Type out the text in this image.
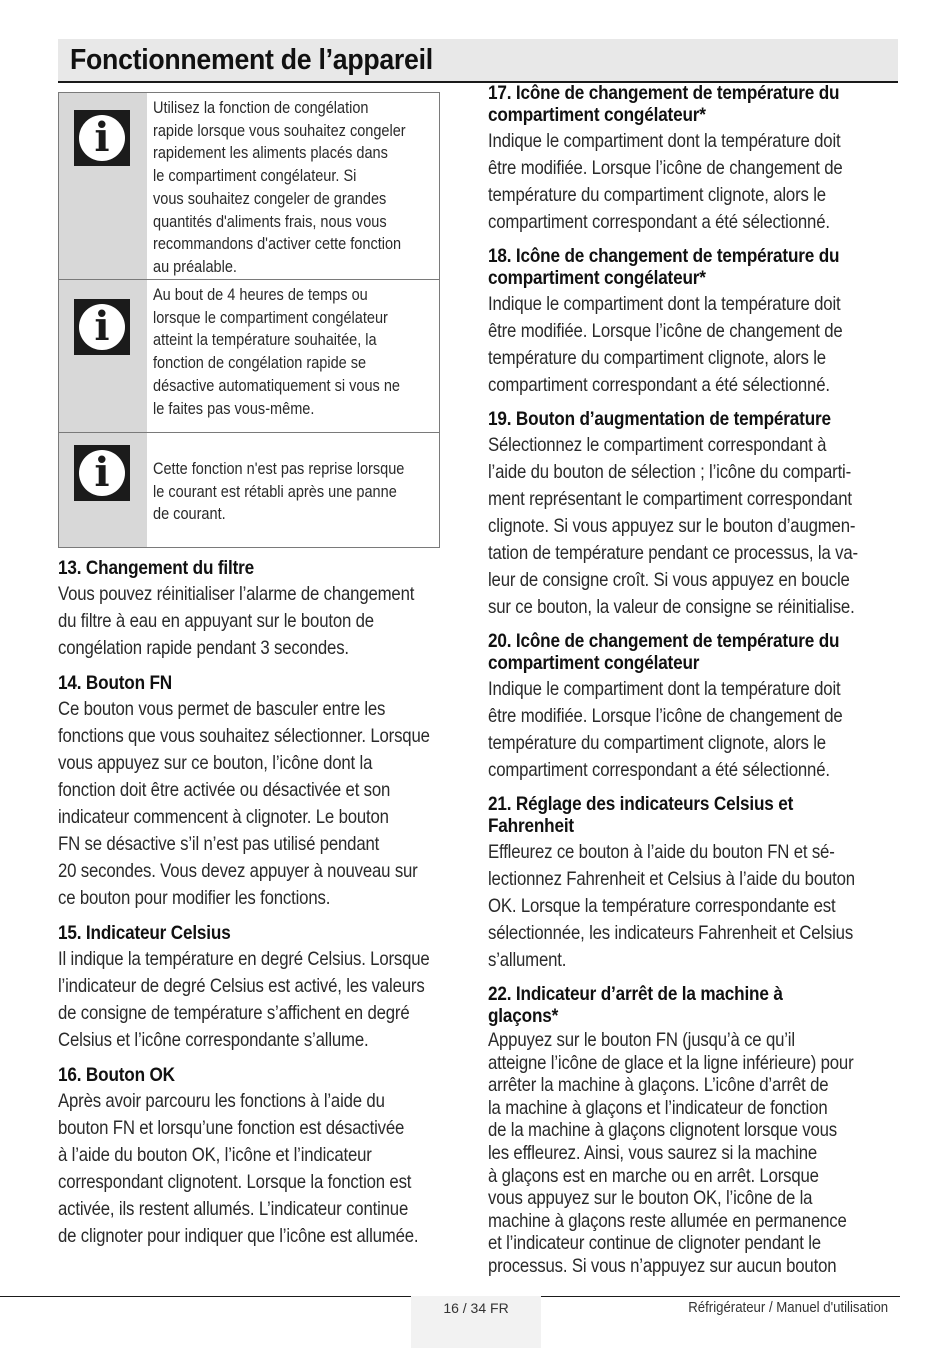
Fonctionnement de l’appareil
i
Utilisez la fonction de congélation
rapide lorsque vous souhaitez congeler
rapidement les aliments placés dans
le compartiment congélateur. Si
vous souhaitez congeler de grandes
quantités d'aliments frais, nous vous
recommandons d'activer cette fonction
au préalable.
i
Au bout de 4 heures de temps ou
lorsque le compartiment congélateur
atteint la température souhaitée, la
fonction de congélation rapide se
désactive automatiquement si vous ne
le faites pas vous-même.
i	Cette fonction n'est pas reprise lorsque
le courant est rétabli après une panne
de courant.
13. Changement du filtre

Vous pouvez réinitialiser l’alarme de changement
du filtre à eau en appuyant sur le bouton de
congélation rapide pendant 3 secondes.

14. Bouton FN

Ce bouton vous permet de basculer entre les
fonctions que vous souhaitez sélectionner. Lorsque
vous appuyez sur ce bouton, l’icône dont la
fonction doit être activée ou désactivée et son
indicateur commencent à clignoter. Le bouton
FN se désactive s’il n’est pas utilisé pendant
20 secondes. Vous devez appuyer à nouveau sur
ce bouton pour modifier les fonctions.

15. Indicateur Celsius

Il indique la température en degré Celsius. Lorsque
l’indicateur de degré Celsius est activé, les valeurs
de consigne de température s’affichent en degré
Celsius et l’icône correspondante s’allume.

16. Bouton OK

Après avoir parcouru les fonctions à l’aide du
bouton FN et lorsqu’une fonction est désactivée
à l’aide du bouton OK, l’icône et l’indicateur
correspondant clignotent. Lorsque la fonction est
activée, ils restent allumés. L’indicateur continue
de clignoter pour indiquer que l’icône est allumée.

17. Icône de changement de température du
compartiment congélateur*

Indique le compartiment dont la température doit
être modifiée. Lorsque l’icône de changement de
température du compartiment clignote, alors le
compartiment correspondant a été sélectionné.

18. Icône de changement de température du
compartiment congélateur*

Indique le compartiment dont la température doit
être modifiée. Lorsque l’icône de changement de
température du compartiment clignote, alors le
compartiment correspondant a été sélectionné.

19. Bouton d’augmentation de température

Sélectionnez le compartiment correspondant à
l’aide du bouton de sélection ; l’icône du comparti-
ment représentant le compartiment correspondant
clignote. Si vous appuyez sur le bouton d’augmen-
tation de température pendant ce processus, la va-
leur de consigne croît. Si vous appuyez en boucle
sur ce bouton, la valeur de consigne se réinitialise.

20. Icône de changement de température du
compartiment congélateur

Indique le compartiment dont la température doit
être modifiée. Lorsque l’icône de changement de
température du compartiment clignote, alors le
compartiment correspondant a été sélectionné.

21. Réglage des indicateurs Celsius et
Fahrenheit

Effleurez ce bouton à l’aide du bouton FN et sé-
lectionnez Fahrenheit et Celsius à l’aide du bouton
OK. Lorsque la température correspondante est
sélectionnée, les indicateurs Fahrenheit et Celsius
s’allument.

22. Indicateur d’arrêt de la machine à
glaçons*

Appuyez sur le bouton FN (jusqu’à ce qu’il
atteigne l’icône de glace et la ligne inférieure) pour
arrêter la machine à glaçons. L’icône d’arrêt de
la machine à glaçons et l’indicateur de fonction
de la machine à glaçons clignotent lorsque vous
les effleurez. Ainsi, vous saurez si la machine
à glaçons est en marche ou en arrêt. Lorsque
vous appuyez sur le bouton OK, l’icône de la
machine à glaçons reste allumée en permanence
et l’indicateur continue de clignoter pendant le
processus. Si vous n’appuyez sur aucun bouton

16 / 34 FR	Réfrigérateur / Manuel d'utilisation
